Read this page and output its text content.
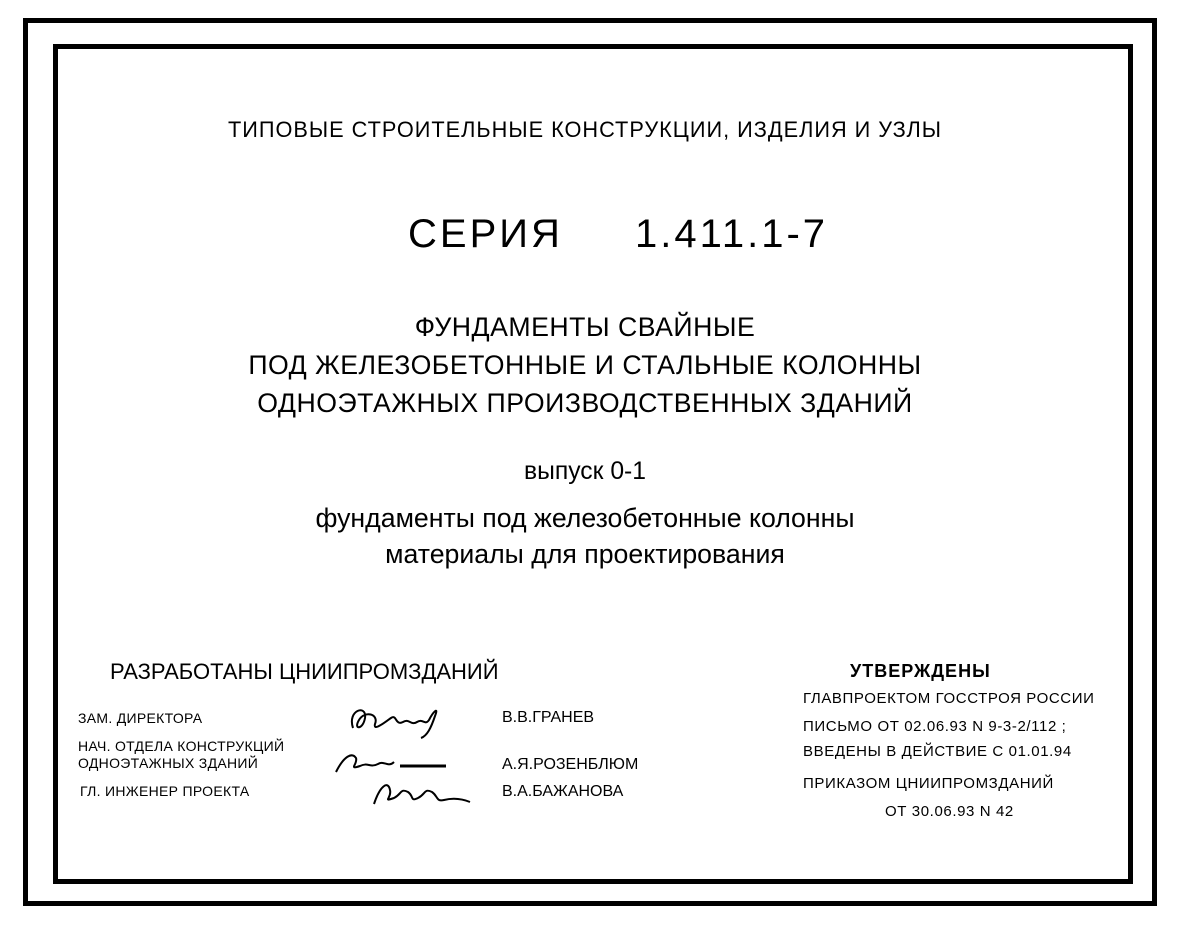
ТИПОВЫЕ СТРОИТЕЛЬНЫЕ КОНСТРУКЦИИ, ИЗДЕЛИЯ И УЗЛЫ
СЕРИЯ 1.411.1-7
ФУНДАМЕНТЫ СВАЙНЫЕ
ПОД ЖЕЛЕЗОБЕТОННЫЕ И СТАЛЬНЫЕ КОЛОННЫ
ОДНОЭТАЖНЫХ ПРОИЗВОДСТВЕННЫХ ЗДАНИЙ
выпуск 0-1
фундаменты под железобетонные колонны
материалы для проектирования
РАЗРАБОТАНЫ ЦНИИПРОМЗДАНИЙ
ЗАМ. ДИРЕКТОРА
НАЧ. ОТДЕЛА КОНСТРУКЦИЙ
ОДНОЭТАЖНЫХ ЗДАНИЙ
ГЛ. ИНЖЕНЕР ПРОЕКТА
В.В.ГРАНЕВ
А.Я.РОЗЕНБЛЮМ
В.А.БАЖАНОВА
УТВЕРЖДЕНЫ
ГЛАВПРОЕКТОМ ГОССТРОЯ РОССИИ
ПИСЬМО ОТ 02.06.93 N 9-3-2/112 ;
ВВЕДЕНЫ В ДЕЙСТВИЕ С 01.01.94
ПРИКАЗОМ ЦНИИПРОМЗДАНИЙ
ОТ 30.06.93 N 42
